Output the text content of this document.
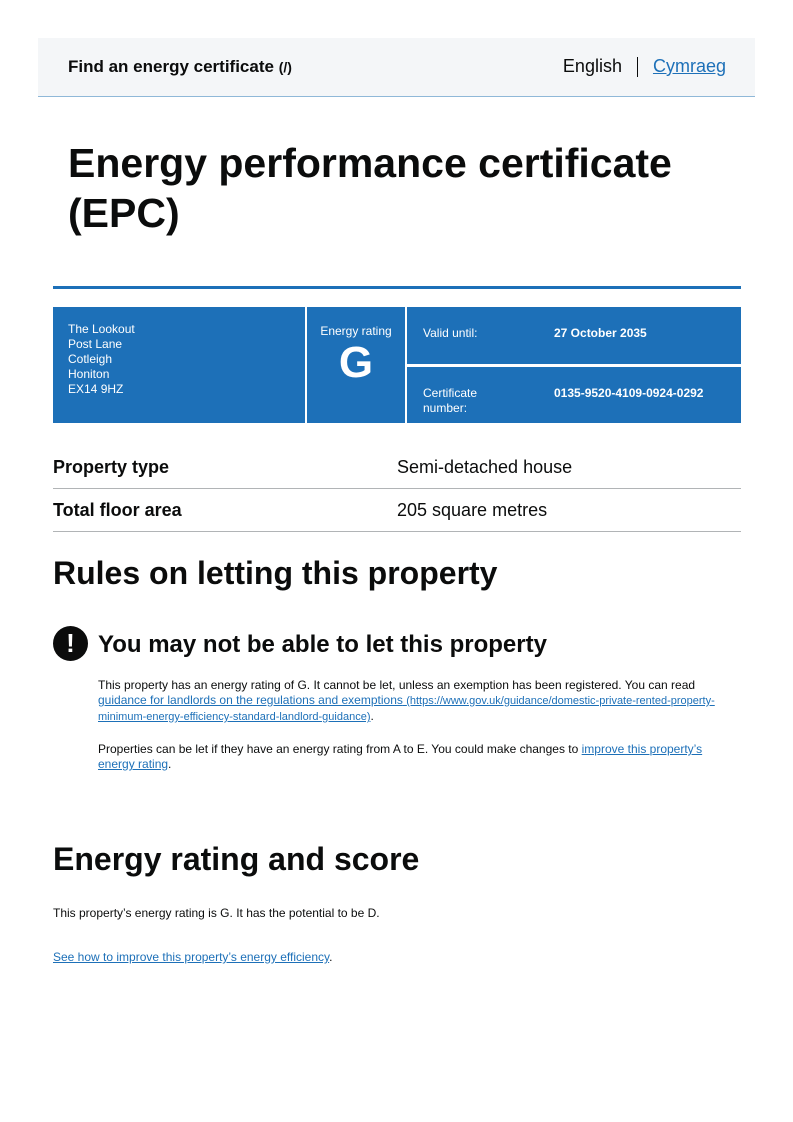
Find an energy certificate (/)	English Cymraeg
Energy performance certificate (EPC)
The Lookout
Post Lane
Cotleigh
Honiton
EX14 9HZ
Energy rating
G
Valid until:	27 October 2035
Certificate number:
0135-9520-4109-0924-0292
Property type	Semi-detached house
Total floor area	205 square metres
Rules on letting this property
! You may not be able to let this property

This property has an energy rating of G. It cannot be let, unless an exemption has been registered. You can read guidance for landlords on the regulations and exemptions (https://www.gov.uk/guidance/domestic-private-rented-property-minimum-energy-efficiency-standard-landlord-guidance).

Properties can be let if they have an energy rating from A to E. You could make changes to improve this property’s energy rating.

Energy rating and score

This property’s energy rating is G. It has the potential to be D.

See how to improve this property’s energy efficiency.
